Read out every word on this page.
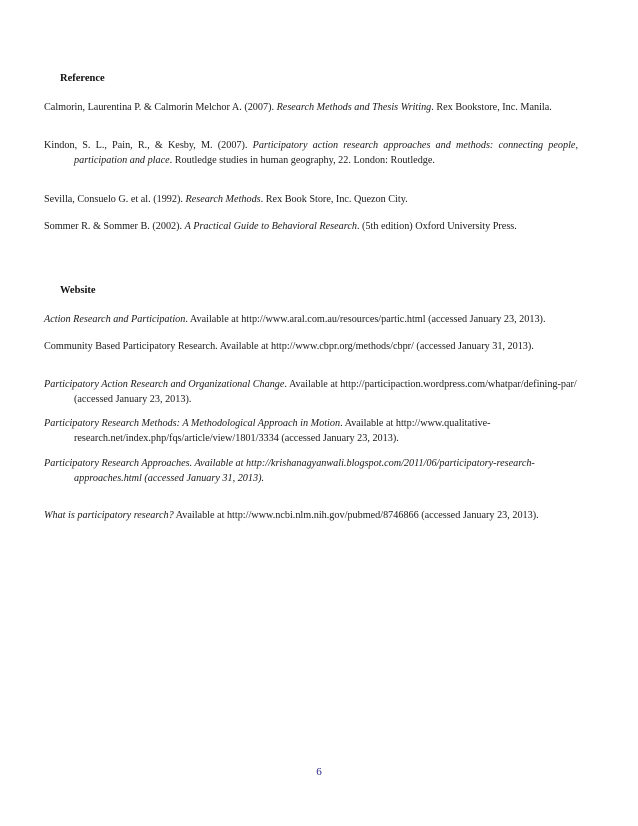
Reference
Calmorin, Laurentina P. & Calmorin Melchor A. (2007). Research Methods and Thesis Writing. Rex Bookstore, Inc. Manila.
Kindon, S. L., Pain, R., & Kesby, M. (2007). Participatory action research approaches and methods: connecting people, participation and place. Routledge studies in human geography, 22. London: Routledge.
Sevilla, Consuelo G. et al. (1992). Research Methods. Rex Book Store, Inc. Quezon City.
Sommer R. & Sommer B. (2002). A Practical Guide to Behavioral Research. (5th edition) Oxford University Press.
Website
Action Research and Participation. Available at http://www.aral.com.au/resources/partic.html (accessed January 23, 2013).
Community Based Participatory Research. Available at http://www.cbpr.org/methods/cbpr/ (accessed January 31, 2013).
Participatory Action Research and Organizational Change. Available at http://participaction.wordpress.com/whatpar/defining-par/ (accessed January 23, 2013).
Participatory Research Methods: A Methodological Approach in Motion. Available at http://www.qualitative-research.net/index.php/fqs/article/view/1801/3334 (accessed January 23, 2013).
Participatory Research Approaches. Available at http://krishanagyanwali.blogspot.com/2011/06/participatory-research-approaches.html (accessed January 31, 2013).
What is participatory research? Available at http://www.ncbi.nlm.nih.gov/pubmed/8746866 (accessed January 23, 2013).
6
